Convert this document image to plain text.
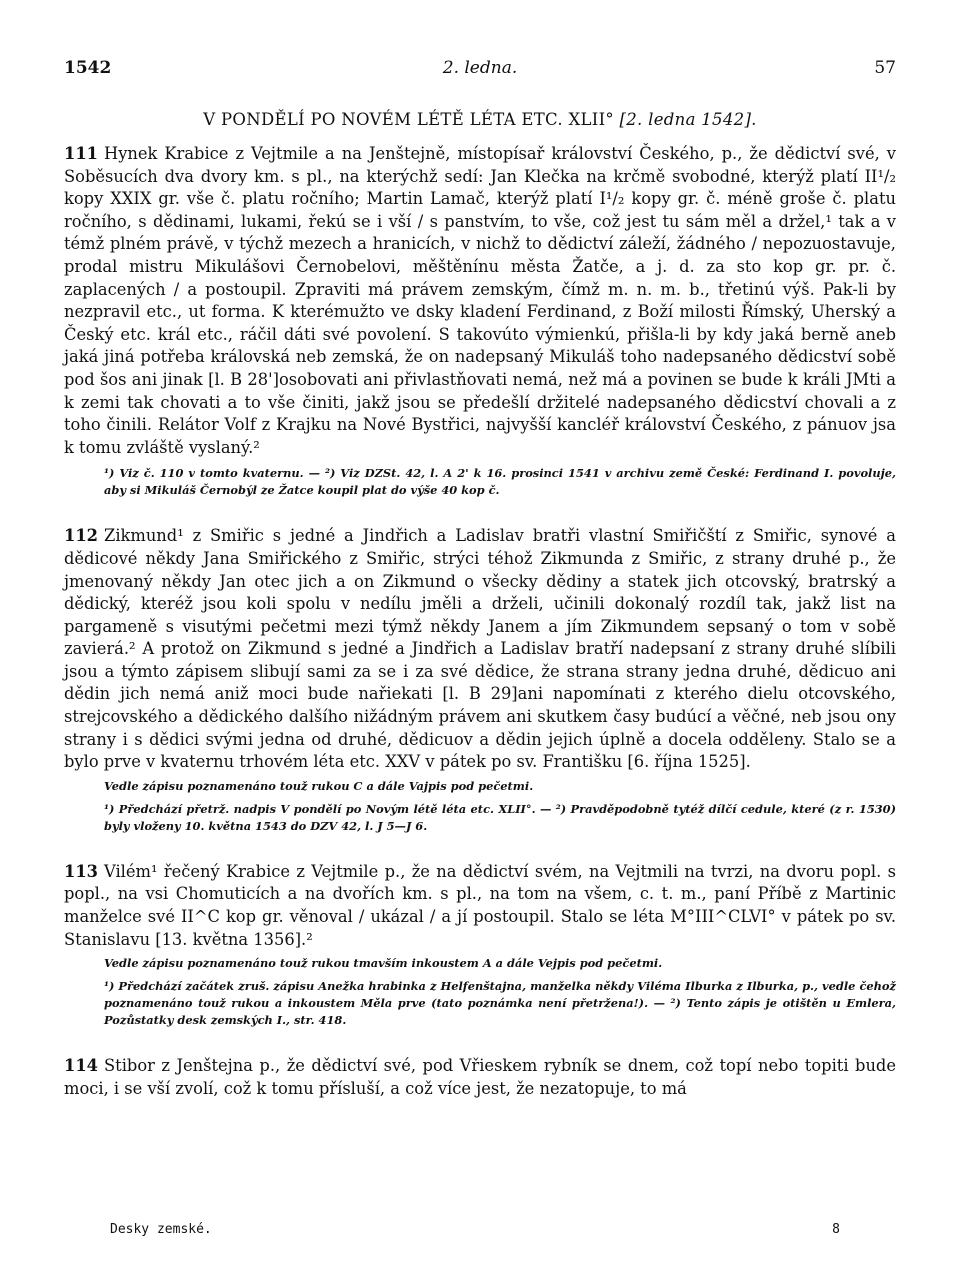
1542	2. ledna.	57
V PONDĚLÍ PO NOVÉM LÉTĚ LÉTA ETC. XLII° [2. ledna 1542].

111 Hynek Krabice z Vejtmile a na Jenštejně, místopísař království Českého, p., že dědictví své, v Soběsucích dva dvory km. s pl., na kterýchž sedí: Jan Klečka na krčmě svobodné, kterýž platí II¹/₂ kopy XXIX gr. vše č. platu ročního; Martin Lamač, kterýž platí I¹/₂ kopy gr. č. méně groše č. platu ročního, s dědinami, lukami, řekú se i vší / s panstvím, to vše, což jest tu sám měl a držel,¹ tak a v témž plném právě, v týchž mezech a hranicích, v nichž to dědictví záleží, žádného / nepozuostavuje, prodal mistru Mikulášovi Černobelovi, měštěnínu města Žatče, a j. d. za sto kop gr. pr. č. zaplacených / a postoupil. Zpraviti má právem zemským, čímž m. n. m. b., třetinú výš. Pak-li by nezpravil etc., ut forma. K kterémužto ve dsky kladení Ferdinand, z Boží milosti Římský, Uherský a Český etc. král etc., ráčil dáti své povolení. S takovúto výmienkú, přišla-li by kdy jaká berně aneb jaká jiná potřeba královská neb zemská, že on nadepsaný Mikuláš toho nadepsaného dědicství sobě pod šos ani jinak [l. B 28']osobovati ani přivlastňovati nemá, než má a povinen se bude k králi JMti a k zemi tak chovati a to vše činiti, jakž jsou se předešlí držitelé nadepsaného dědicství chovali a z toho činili. Relátor Volf z Krajku na Nové Bystřici, najvyšší kancléř království Českého, z pánuov jsa k tomu zvláště vyslaný.²

¹) Viz č. 110 v tomto kvaternu. — ²) Viz DZSt. 42, l. A 2' k 16. prosinci 1541 v archivu země České: Ferdinand I. povoluje, aby si Mikuláš Černobýl ze Žatce koupil plat do výše 40 kop č.

112 Zikmund¹ z Smiřic s jedné a Jindřich a Ladislav bratři vlastní Smiřičští z Smiřic, synové a dědicové někdy Jana Smiřického z Smiřic, strýci téhož Zikmunda z Smiřic, z strany druhé p., že jmenovaný někdy Jan otec jich a on Zikmund o všecky dědiny a statek jich otcovský, bratrský a dědický, kteréž jsou koli spolu v nedílu jměli a drželi, učinili dokonalý rozdíl tak, jakž list na pargameně s visutými pečetmi mezi týmž někdy Janem a jím Zikmundem sepsaný o tom v sobě zavierá.² A protož on Zikmund s jedné a Jindřich a Ladislav bratří nadepsaní z strany druhé slíbili jsou a týmto zápisem slibují sami za se i za své dědice, že strana strany jedna druhé, dědicuo ani dědin jich nemá aniž moci bude nařiekati [l. B 29]ani napomínati z kterého dielu otcovského, strejcovského a dědického dalšího nižádným právem ani skutkem časy budúcí a věčné, neb jsou ony strany i s dědici svými jedna od druhé, dědicuov a dědin jejich úplně a docela odděleny. Stalo se a bylo prve v kvaternu trhovém léta etc. XXV v pátek po sv. Františku [6. října 1525].

Vedle zápisu poznamenáno touž rukou C a dále Vajpis pod pečetmi.

¹) Předchází přetrž. nadpis V pondělí po Novým létě léta etc. XLII°. — ²) Pravděpodobně tytéž dílčí cedule, které (z r. 1530) byly vloženy 10. května 1543 do DZV 42, l. J 5—J 6.

113 Vilém¹ řečený Krabice z Vejtmile p., že na dědictví svém, na Vejtmili na tvrzi, na dvoru popl. s popl., na vsi Chomuticích a na dvořích km. s pl., na tom na všem, c. t. m., paní Příbě z Martinic manželce své II^C kop gr. věnoval / ukázal / a jí postoupil. Stalo se léta M°III^CLVI° v pátek po sv. Stanislavu [13. května 1356].²

Vedle zápisu poznamenáno touž rukou tmavším inkoustem A a dále Vejpis pod pečetmi.

¹) Předchází začátek zruš. zápisu Anežka hrabinka z Helfenštajna, manželka někdy Viléma Ilburka z Ilburka, p., vedle čehož poznamenáno touž rukou a inkoustem Měla prve (tato poznámka není přetržena!). — ²) Tento zápis je otištěn u Emlera, Pozůstatky desk zemských I., str. 418.

114 Stibor z Jenštejna p., že dědictví své, pod Vřieskem rybník se dnem, což topí nebo topiti bude moci, i se vší zvolí, což k tomu přísluší, a což více jest, že nezatopuje, to má

Desky zemské.	8
